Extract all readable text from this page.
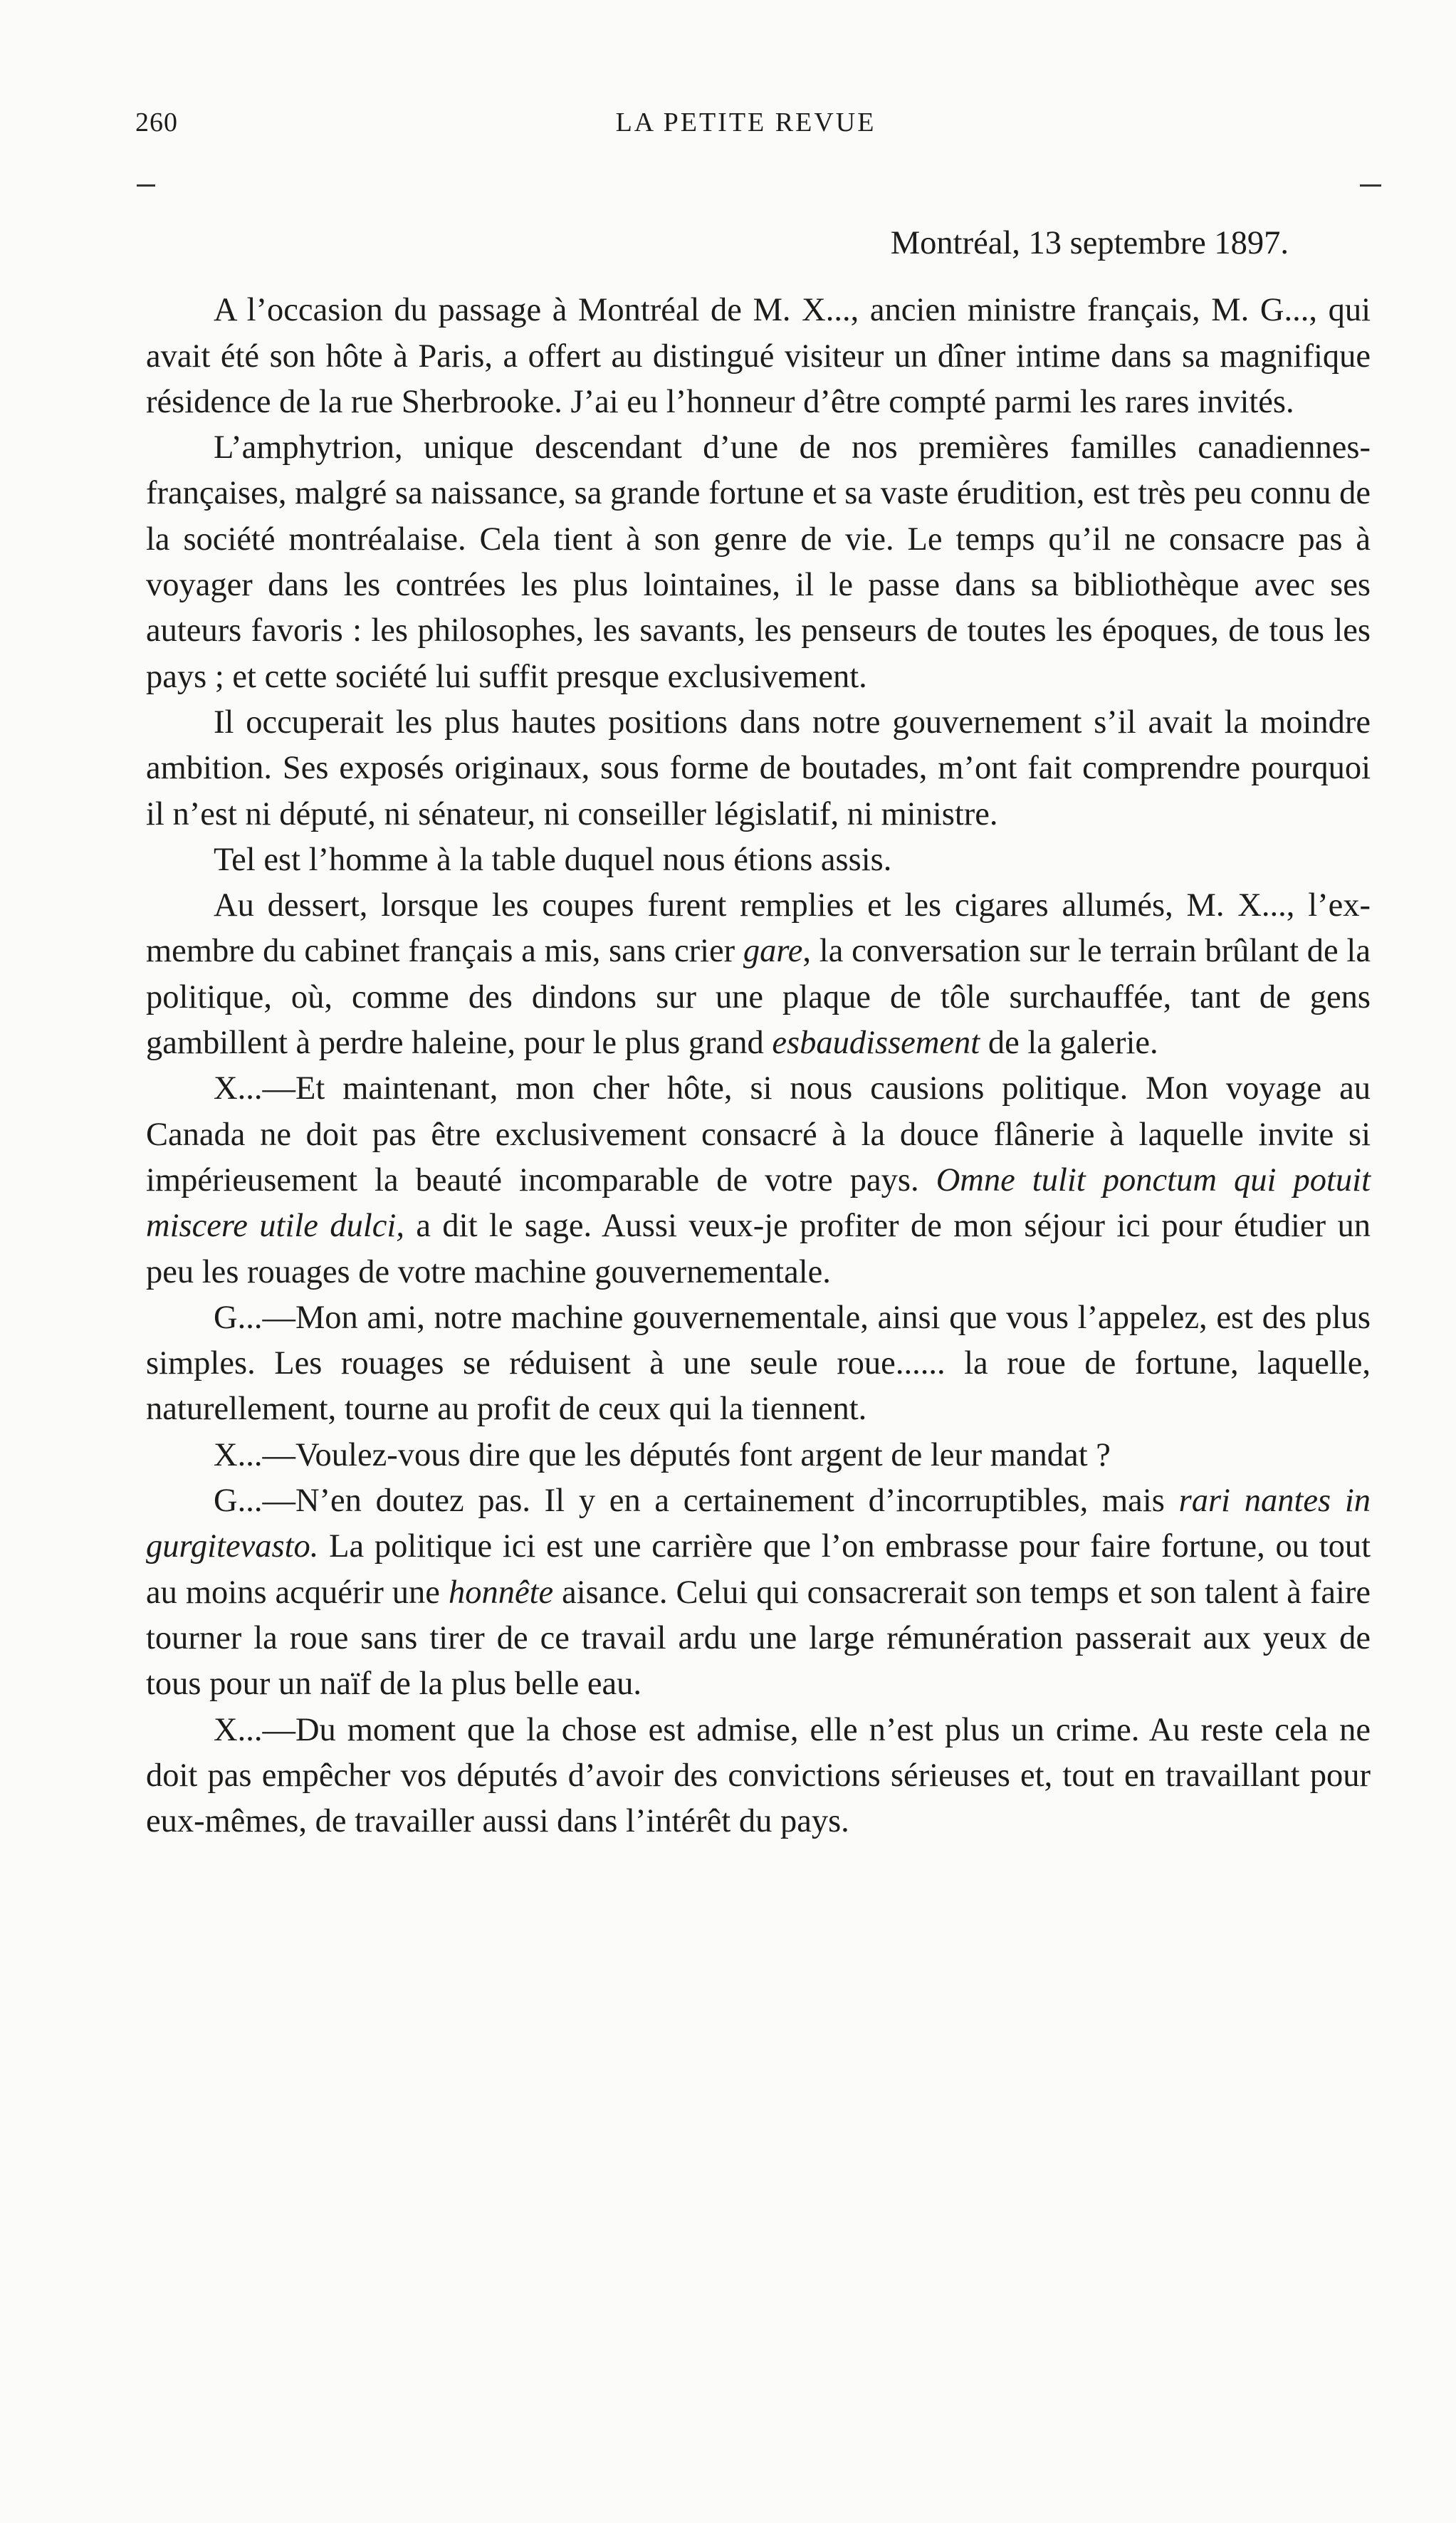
260	LA PETITE REVUE

Montréal, 13 septembre 1897.

A l’occasion du passage à Montréal de M. X..., ancien ministre français, M. G..., qui avait été son hôte à Paris, a offert au distingué visiteur un dîner intime dans sa magnifique résidence de la rue Sherbrooke. J’ai eu l’honneur d’être compté parmi les rares invités.

L’amphytrion, unique descendant d’une de nos premières familles canadiennes-françaises, malgré sa naissance, sa grande fortune et sa vaste érudition, est très peu connu de la société montréalaise. Cela tient à son genre de vie. Le temps qu’il ne consacre pas à voyager dans les contrées les plus lointaines, il le passe dans sa bibliothèque avec ses auteurs favoris : les philosophes, les savants, les penseurs de toutes les époques, de tous les pays ; et cette société lui suffit presque exclusivement.

Il occuperait les plus hautes positions dans notre gouvernement s’il avait la moindre ambition. Ses exposés originaux, sous forme de boutades, m’ont fait comprendre pourquoi il n’est ni député, ni sénateur, ni conseiller législatif, ni ministre.

Tel est l’homme à la table duquel nous étions assis.

Au dessert, lorsque les coupes furent remplies et les cigares allumés, M. X..., l’ex-membre du cabinet français a mis, sans crier gare, la conversation sur le terrain brûlant de la politique, où, comme des dindons sur une plaque de tôle surchauffée, tant de gens gambillent à perdre haleine, pour le plus grand esbaudissement de la galerie.

X...—Et maintenant, mon cher hôte, si nous causions politique. Mon voyage au Canada ne doit pas être exclusivement consacré à la douce flânerie à laquelle invite si impérieusement la beauté incomparable de votre pays. Omne tulit ponctum qui potuit miscere utile dulci, a dit le sage. Aussi veux-je profiter de mon séjour ici pour étudier un peu les rouages de votre machine gouvernementale.

G...—Mon ami, notre machine gouvernementale, ainsi que vous l’appelez, est des plus simples. Les rouages se réduisent à une seule roue...... la roue de fortune, laquelle, naturellement, tourne au profit de ceux qui la tiennent.

X...—Voulez-vous dire que les députés font argent de leur mandat ?

G...—N’en doutez pas. Il y en a certainement d’incorruptibles, mais rari nantes in gurgitevasto. La politique ici est une carrière que l’on embrasse pour faire fortune, ou tout au moins acquérir une honnête aisance. Celui qui consacrerait son temps et son talent à faire tourner la roue sans tirer de ce travail ardu une large rémunération passerait aux yeux de tous pour un naïf de la plus belle eau.

X...—Du moment que la chose est admise, elle n’est plus un crime. Au reste cela ne doit pas empêcher vos députés d’avoir des convictions sérieuses et, tout en travaillant pour eux-mêmes, de travailler aussi dans l’intérêt du pays.
